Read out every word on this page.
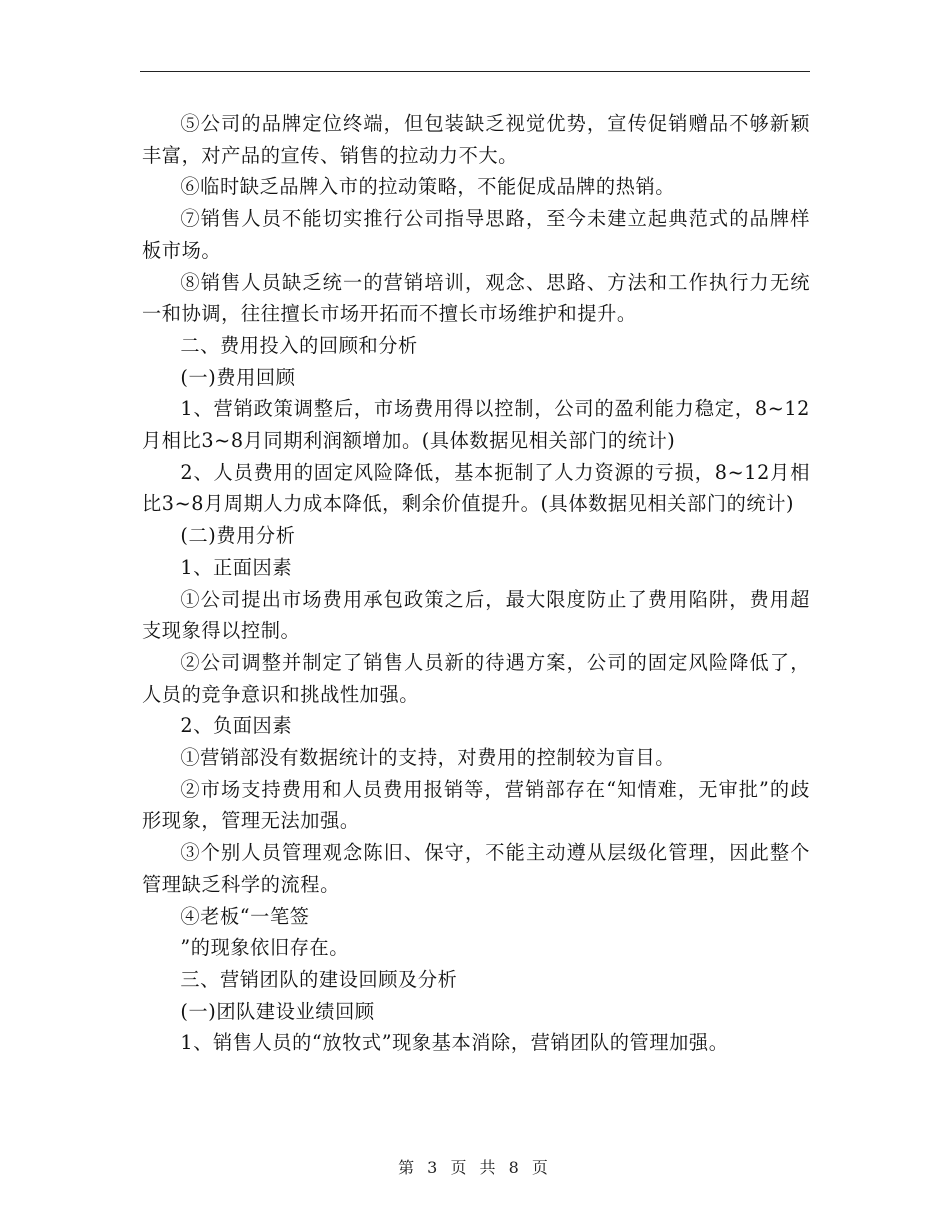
⑤公司的品牌定位终端，但包装缺乏视觉优势，宣传促销赠品不够新颖丰富，对产品的宣传、销售的拉动力不大。

⑥临时缺乏品牌入市的拉动策略，不能促成品牌的热销。

⑦销售人员不能切实推行公司指导思路，至今未建立起典范式的品牌样板市场。

⑧销售人员缺乏统一的营销培训，观念、思路、方法和工作执行力无统一和协调，往往擅长市场开拓而不擅长市场维护和提升。

二、费用投入的回顾和分析

(一)费用回顾

1、营销政策调整后，市场费用得以控制，公司的盈利能力稳定，8~12月相比3~8月同期利润额增加。(具体数据见相关部门的统计)

2、人员费用的固定风险降低，基本扼制了人力资源的亏损，8~12月相比3~8月周期人力成本降低，剩余价值提升。(具体数据见相关部门的统计)

(二)费用分析

1、正面因素

①公司提出市场费用承包政策之后，最大限度防止了费用陷阱，费用超支现象得以控制。

②公司调整并制定了销售人员新的待遇方案，公司的固定风险降低了，人员的竞争意识和挑战性加强。

2、负面因素

①营销部没有数据统计的支持，对费用的控制较为盲目。

②市场支持费用和人员费用报销等，营销部存在“知情难，无审批”的歧形现象，管理无法加强。

③个别人员管理观念陈旧、保守，不能主动遵从层级化管理，因此整个管理缺乏科学的流程。

④老板“一笔签

”的现象依旧存在。

三、营销团队的建设回顾及分析

(一)团队建设业绩回顾

1、销售人员的“放牧式”现象基本消除，营销团队的管理加强。

第 3 页 共 8 页
